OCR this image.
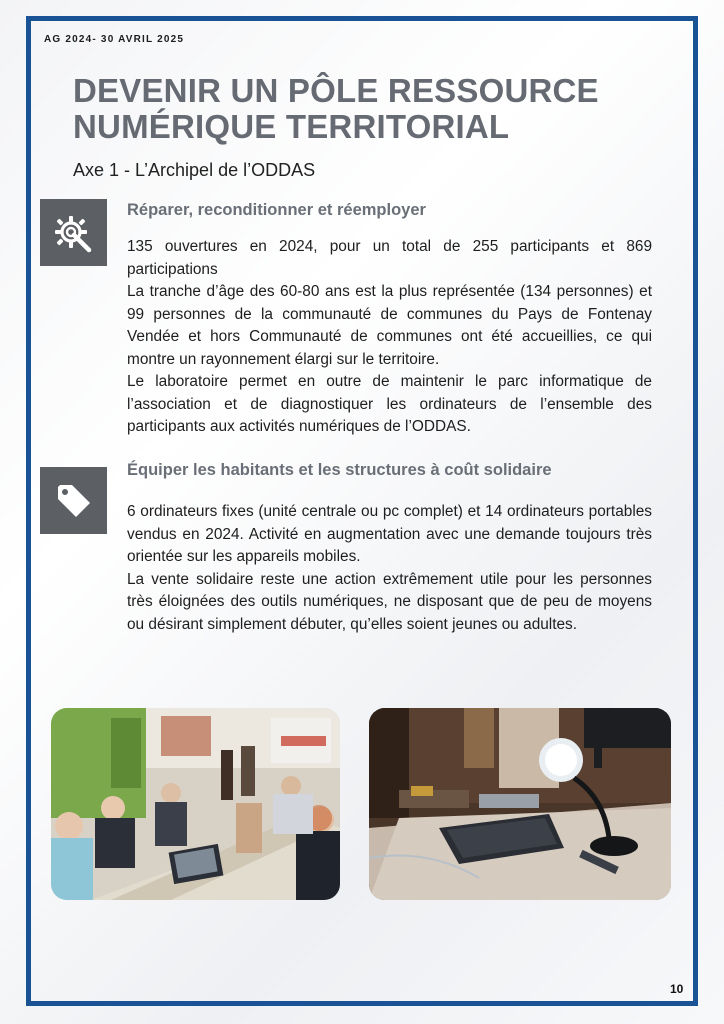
AG 2024- 30 AVRIL 2025
DEVENIR UN PÔLE RESSOURCE
NUMÉRIQUE TERRITORIAL
Axe 1 - L’Archipel de l’ODDAS
Réparer, reconditionner et réemployer

135 ouvertures en 2024, pour un total de 255 participants et 869 participations

La tranche d’âge des 60-80 ans est la plus représentée (134 personnes) et 99 personnes de la communauté de communes du Pays de Fontenay Vendée et hors Communauté de communes ont été accueillies, ce qui montre un rayonnement élargi sur le territoire.

Le laboratoire permet en outre de maintenir le parc informatique de l’association et de diagnostiquer les ordinateurs de l’ensemble des participants aux activités numériques de l’ODDAS.

Équiper les habitants et les structures à coût solidaire

6 ordinateurs fixes (unité centrale ou pc complet) et 14 ordinateurs portables vendus en 2024. Activité en augmentation avec une demande toujours très orientée sur les appareils mobiles.

La vente solidaire reste une action extrêmement utile pour les personnes très éloignées des outils numériques, ne disposant que de peu de moyens ou désirant simplement débuter, qu’elles soient jeunes ou adultes.

10
